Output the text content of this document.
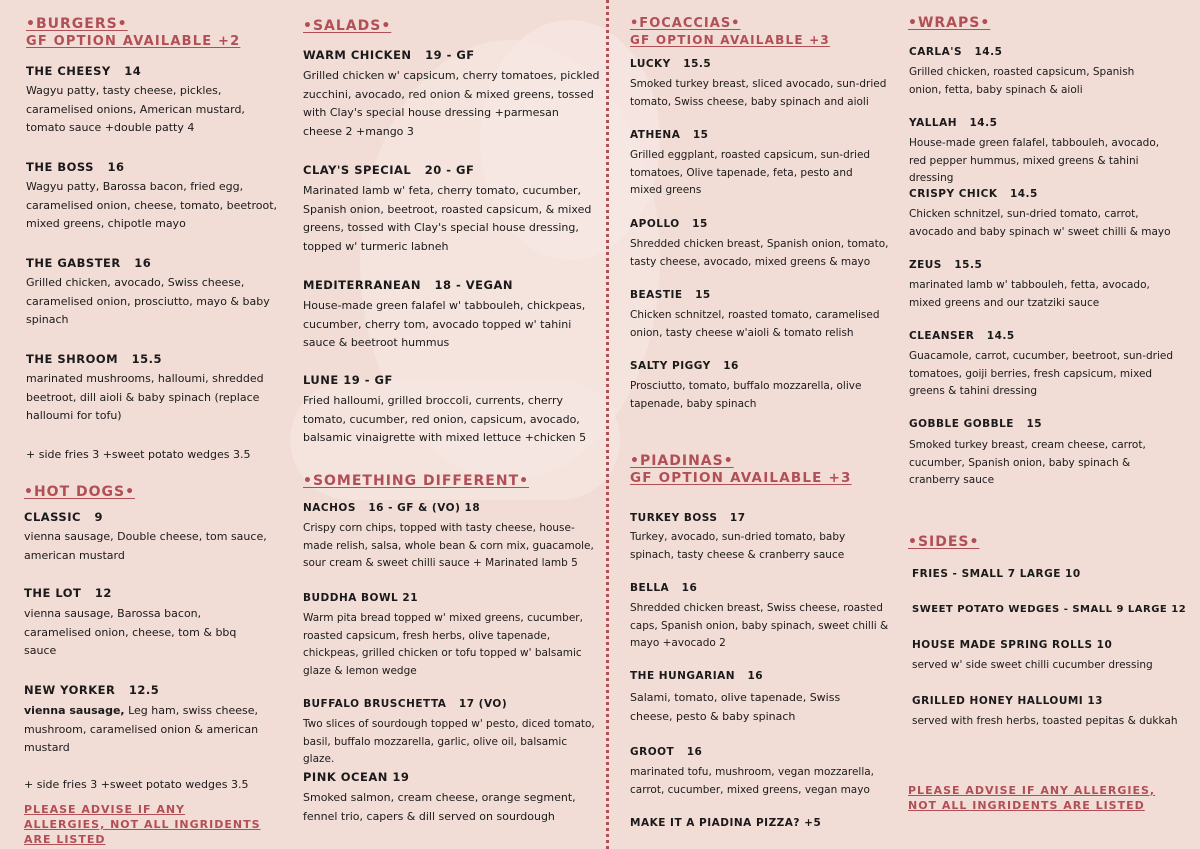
•BURGERS•
GF OPTION AVAILABLE +2
THE CHEESY 14
Wagyu patty, tasty cheese, pickles, caramelised onions, American mustard, tomato sauce +double patty 4
THE BOSS 16
Wagyu patty, Barossa bacon, fried egg, caramelised onion, cheese, tomato, beetroot, mixed greens, chipotle mayo
THE GABSTER 16
Grilled chicken, avocado, Swiss cheese, caramelised onion, prosciutto, mayo & baby spinach
THE SHROOM 15.5
marinated mushrooms, halloumi, shredded beetroot, dill aioli & baby spinach (replace halloumi for tofu)
+ side fries 3 +sweet potato wedges 3.5
•HOT DOGS•
CLASSIC 9
vienna sausage, Double cheese, tom sauce, american mustard
THE LOT 12
vienna sausage, Barossa bacon, caramelised onion, cheese, tom & bbq sauce
NEW YORKER 12.5
vienna sausage, Leg ham, swiss cheese, mushroom, caramelised onion & american mustard
+ side fries 3 +sweet potato wedges 3.5
PLEASE ADVISE IF ANY ALLERGIES, NOT ALL INGRIDENTS ARE LISTED
•SALADS•
WARM CHICKEN 19 - GF
Grilled chicken w' capsicum, cherry tomatoes, pickled zucchini, avocado, red onion & mixed greens, tossed with Clay's special house dressing +parmesan cheese 2 +mango 3
CLAY'S SPECIAL 20 - GF
Marinated lamb w' feta, cherry tomato, cucumber, Spanish onion, beetroot, roasted capsicum, & mixed greens, tossed with Clay's special house dressing, topped w' turmeric labneh
MEDITERRANEAN 18 - VEGAN
House-made green falafel w' tabbouleh, chickpeas, cucumber, cherry tom, avocado topped w' tahini sauce & beetroot hummus
LUNE 19 - GF
Fried halloumi, grilled broccoli, currents, cherry tomato, cucumber, red onion, capsicum, avocado, balsamic vinaigrette with mixed lettuce +chicken 5
•SOMETHING DIFFERENT•
NACHOS 16 - GF & (VO) 18
Crispy corn chips, topped with tasty cheese, house-made relish, salsa, whole bean & corn mix, guacamole, sour cream & sweet chilli sauce + Marinated lamb 5
BUDDHA BOWL 21
Warm pita bread topped w' mixed greens, cucumber, roasted capsicum, fresh herbs, olive tapenade, chickpeas, grilled chicken or tofu topped w' balsamic glaze & lemon wedge
BUFFALO BRUSCHETTA 17 (VO)
Two slices of sourdough topped w' pesto, diced tomato, basil, buffalo mozzarella, garlic, olive oil, balsamic glaze.
PINK OCEAN 19
Smoked salmon, cream cheese, orange segment, fennel trio, capers & dill served on sourdough
•FOCACCIAS•
GF OPTION AVAILABLE +3
LUCKY 15.5
Smoked turkey breast, sliced avocado, sun-dried tomato, Swiss cheese, baby spinach and aioli
ATHENA 15
Grilled eggplant, roasted capsicum, sun-dried tomatoes, Olive tapenade, feta, pesto and mixed greens
APOLLO 15
Shredded chicken breast, Spanish onion, tomato, tasty cheese, avocado, mixed greens & mayo
BEASTIE 15
Chicken schnitzel, roasted tomato, caramelised onion, tasty cheese w'aioli & tomato relish
SALTY PIGGY 16
Prosciutto, tomato, buffalo mozzarella, olive tapenade, baby spinach
•PIADINAS•
GF OPTION AVAILABLE +3
TURKEY BOSS 17
Turkey, avocado, sun-dried tomato, baby spinach, tasty cheese & cranberry sauce
BELLA 16
Shredded chicken breast, Swiss cheese, roasted caps, Spanish onion, baby spinach, sweet chilli & mayo +avocado 2
THE HUNGARIAN 16
Salami, tomato, olive tapenade, Swiss cheese, pesto & baby spinach
GROOT 16
marinated tofu, mushroom, vegan mozzarella, carrot, cucumber, mixed greens, vegan mayo
MAKE IT A PIADINA PIZZA? +5
•WRAPS•
CARLA'S 14.5
Grilled chicken, roasted capsicum, Spanish onion, fetta, baby spinach & aioli
YALLAH 14.5
House-made green falafel, tabbouleh, avocado, red pepper hummus, mixed greens & tahini dressing
CRISPY CHICK 14.5
Chicken schnitzel, sun-dried tomato, carrot, avocado and baby spinach w' sweet chilli & mayo
ZEUS 15.5
marinated lamb w' tabbouleh, fetta, avocado, mixed greens and our tzatziki sauce
CLEANSER 14.5
Guacamole, carrot, cucumber, beetroot, sun-dried tomatoes, goiji berries, fresh capsicum, mixed greens & tahini dressing
GOBBLE GOBBLE 15
Smoked turkey breast, cream cheese, carrot, cucumber, Spanish onion, baby spinach & cranberry sauce
•SIDES•
FRIES - SMALL 7 LARGE 10
SWEET POTATO WEDGES - SMALL 9 LARGE 12
HOUSE MADE SPRING ROLLS 10
served w' side sweet chilli cucumber dressing
GRILLED HONEY HALLOUMI 13
served with fresh herbs, toasted pepitas & dukkah
PLEASE ADVISE IF ANY ALLERGIES, NOT ALL INGRIDENTS ARE LISTED
